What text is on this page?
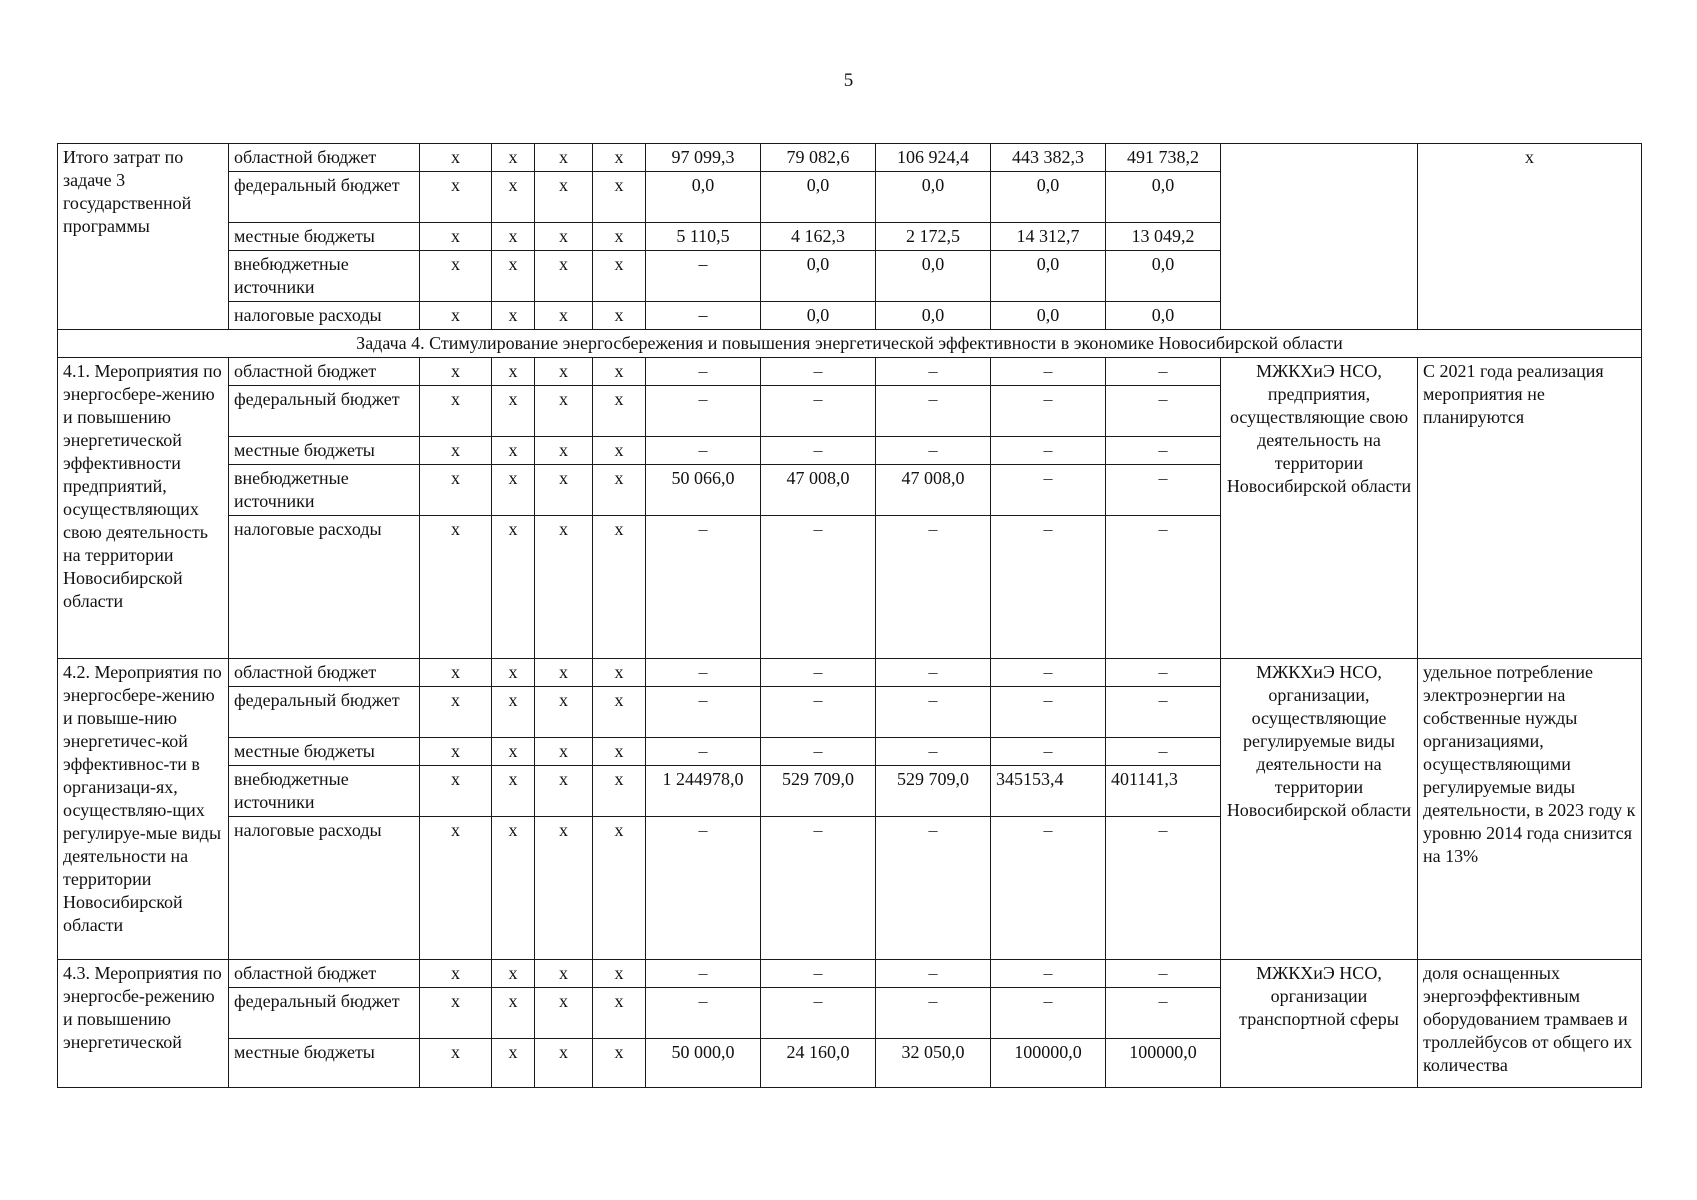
5
Итого затрат по задаче 3 государственной программы	областной бюджет	x	x	x	x	97 099,3	79 082,6	106 924,4	443 382,3	491 738,2		x
	федеральный бюджет	x	x	x	x	0,0	0,0	0,0	0,0	0,0		
	местные бюджеты	x	x	x	x	5 110,5	4 162,3	2 172,5	14 312,7	13 049,2		
	внебюджетные источники	x	x	x	x	–	0,0	0,0	0,0	0,0		
	налоговые расходы	x	x	x	x	–	0,0	0,0	0,0	0,0		
Задача 4. Стимулирование энергосбережения и повышения энергетической эффективности в экономике Новосибирской области												
4.1. Мероприятия по энергосбере-жению и повышению энергетической эффективности предприятий, осуществляющих свою деятельность на территории Новосибирской области	областной бюджет	x	x	x	x	–	–	–	–	–	МЖКХиЭ НСО, предприятия, осуществляющие свою деятельность на территории Новосибирской области	С 2021 года реализация мероприятия не планируются
	федеральный бюджет	x	x	x	x	–	–	–	–	–		
	местные бюджеты	x	x	x	x	–	–	–	–	–		
	внебюджетные источники	x	x	x	x	50 066,0	47 008,0	47 008,0	–	–		
	налоговые расходы	x	x	x	x	–	–	–	–	–		
4.2. Мероприятия по энергосбере-жению и повыше-нию энергетичес-кой эффективнос-ти в организаци-ях, осуществляю-щих регулируе-мые виды деятельности на территории Новосибирской области	областной бюджет	x	x	x	x	–	–	–	–	–	МЖКХиЭ НСО, организации, осуществляющие регулируемые виды деятельности на территории Новосибирской области	удельное потребление электроэнергии на собственные нужды организациями, осуществляющими регулируемые виды деятельности, в 2023 году к уровню 2014 года снизится на 13%
	федеральный бюджет	x	x	x	x	–	–	–	–	–		
	местные бюджеты	x	x	x	x	–	–	–	–	–		
	внебюджетные источники	x	x	x	x	1 244978,0	529 709,0	529 709,0	345153,4	401141,3		
	налоговые расходы	x	x	x	x	–	–	–	–	–		
4.3. Мероприятия по энергосбе-режению и повышению энергетической	областной бюджет	x	x	x	x	–	–	–	–	–	МЖКХиЭ НСО, организации транспортной сферы	доля оснащенных энергоэффективным оборудованием трамваев и троллейбусов от общего их количества
	федеральный бюджет	x	x	x	x	–	–	–	–	–		
	местные бюджеты	x	x	x	x	50 000,0	24 160,0	32 050,0	100000,0	100000,0		
